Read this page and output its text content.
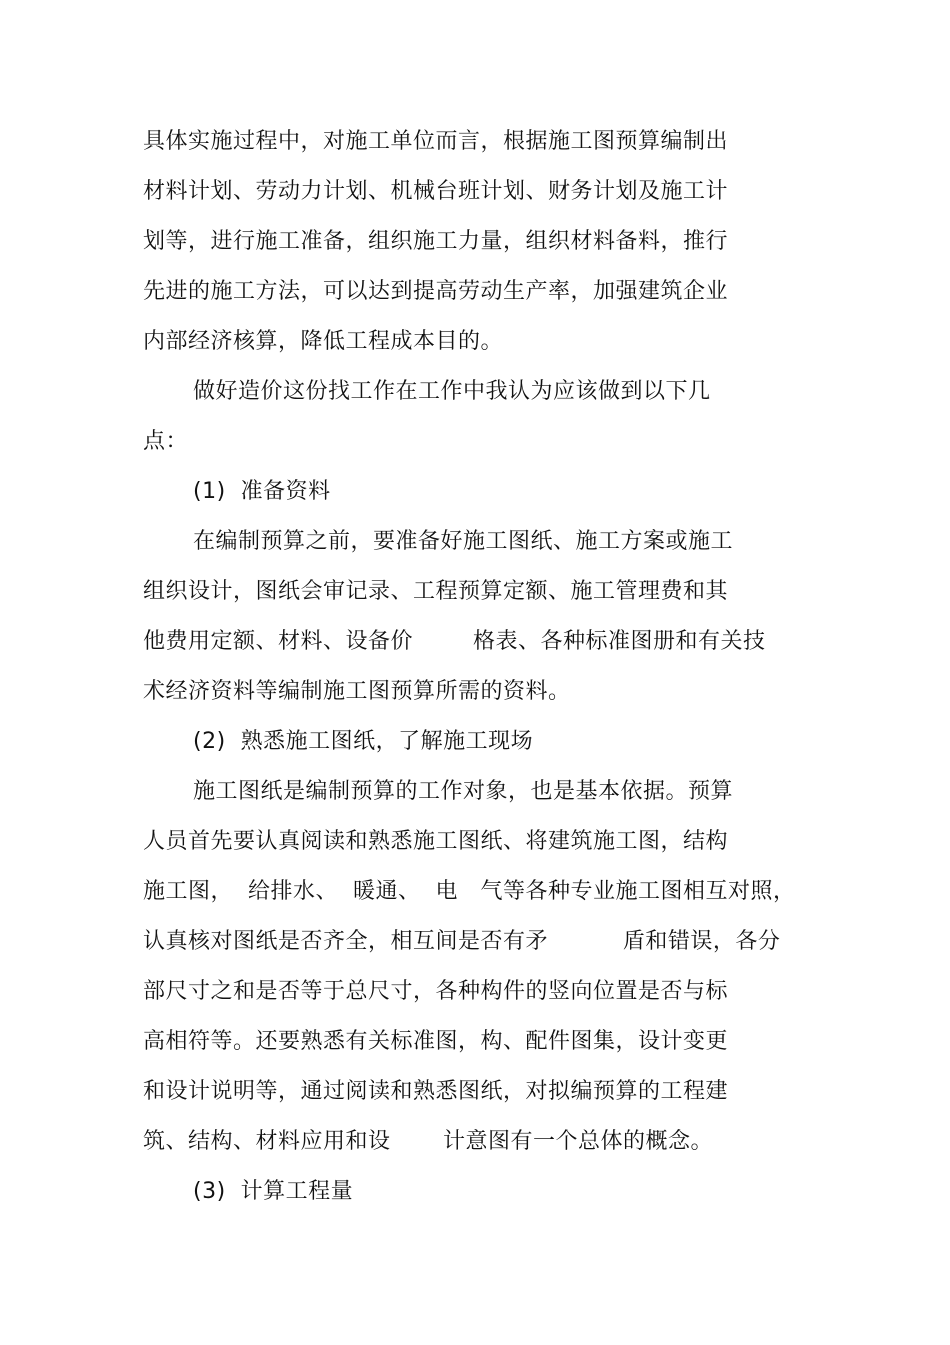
具体实施过程中，对施工单位而言，根据施工图预算编制出
材料计划、劳动力计划、机械台班计划、财务计划及施工计
划等，进行施工准备，组织施工力量，组织材料备料，推行
先进的施工方法，可以达到提高劳动生产率，加强建筑企业
内部经济核算，降低工程成本目的。
做好造价这份找工作在工作中我认为应该做到以下几
点：
(1)  准备资料
在编制预算之前，要准备好施工图纸、施工方案或施工
组织设计，图纸会审记录、工程预算定额、施工管理费和其
他费用定额、材料、设备价        格表、各种标准图册和有关技
术经济资料等编制施工图预算所需的资料。
(2)  熟悉施工图纸，了解施工现场
施工图纸是编制预算的工作对象，也是基本依据。预算
人员首先要认真阅读和熟悉施工图纸、将建筑施工图，结构
施工图，  给排水、  暖通、  电   气等各种专业施工图相互对照，
认真核对图纸是否齐全，相互间是否有矛          盾和错误，各分
部尺寸之和是否等于总尺寸，各种构件的竖向位置是否与标
高相符等。还要熟悉有关标准图，构、配件图集，设计变更
和设计说明等，通过阅读和熟悉图纸，对拟编预算的工程建
筑、结构、材料应用和设       计意图有一个总体的概念。
(3)  计算工程量
